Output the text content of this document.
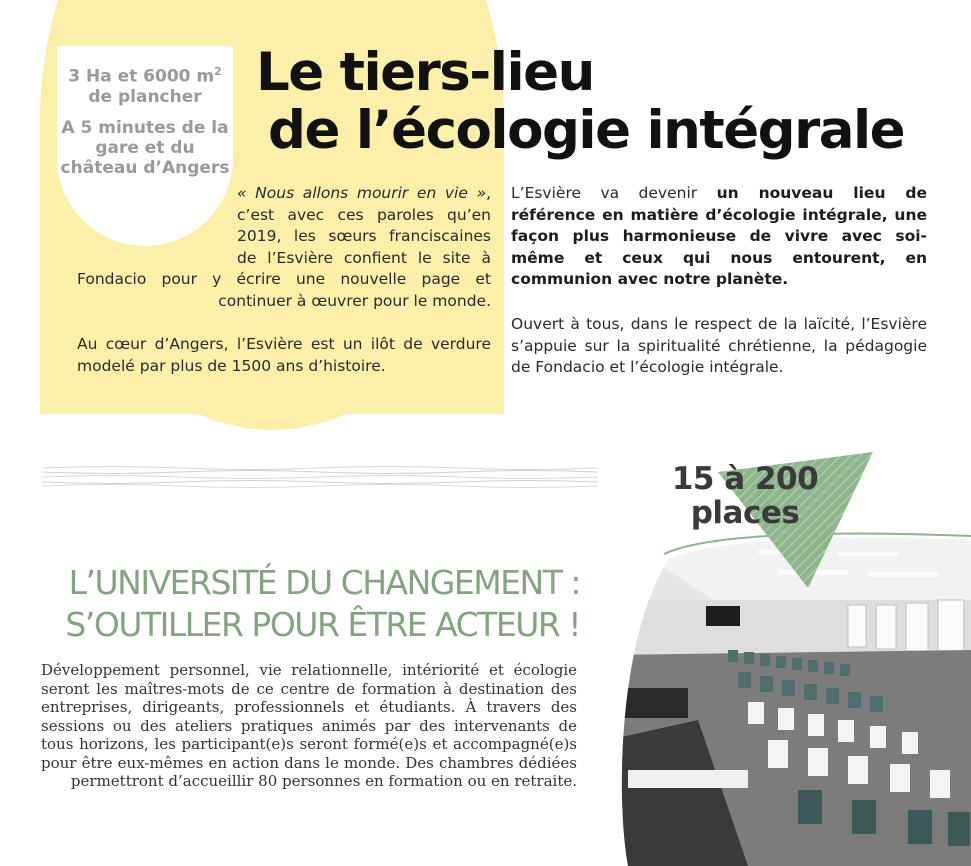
3 Ha et 6000 $m^2$ de plancher

A 5 minutes de la gare et du château d’Angers

Le tiers-lieu
de l’écologie intégrale

« Nous allons mourir en vie », c’est avec ces paroles qu’en 2019, les sœurs franciscaines de l’Esvière confient le site à Fondacio pour y écrire une nouvelle page et continuer à œuvrer pour le monde.

Au cœur d’Angers, l’Esvière est un ilôt de verdure modelé par plus de 1500 ans d’histoire.

L’Esvière va devenir un nouveau lieu de référence en matière d’écologie intégrale, une façon plus harmonieuse de vivre avec soi-même et ceux qui nous entourent, en communion avec notre planète.

Ouvert à tous, dans le respect de la laïcité, l’Esvière s’appuie sur la spiritualité chrétienne, la pédagogie de Fondacio et l’écologie intégrale.

L’UNIVERSITÉ DU CHANGEMENT :
S’OUTILLER POUR ÊTRE ACTEUR !

Développement personnel, vie relationnelle, intériorité et écologie seront les maîtres-mots de ce centre de formation à destination des entreprises, dirigeants, professionnels et étudiants. À travers des sessions ou des ateliers pratiques animés par des intervenants de tous horizons, les participant(e)s seront formé(e)s et accompagné(e)s pour être eux-mêmes en action dans le monde. Des chambres dédiées permettront d’accueillir 80 personnes en formation ou en retraite.

15 à 200
places
